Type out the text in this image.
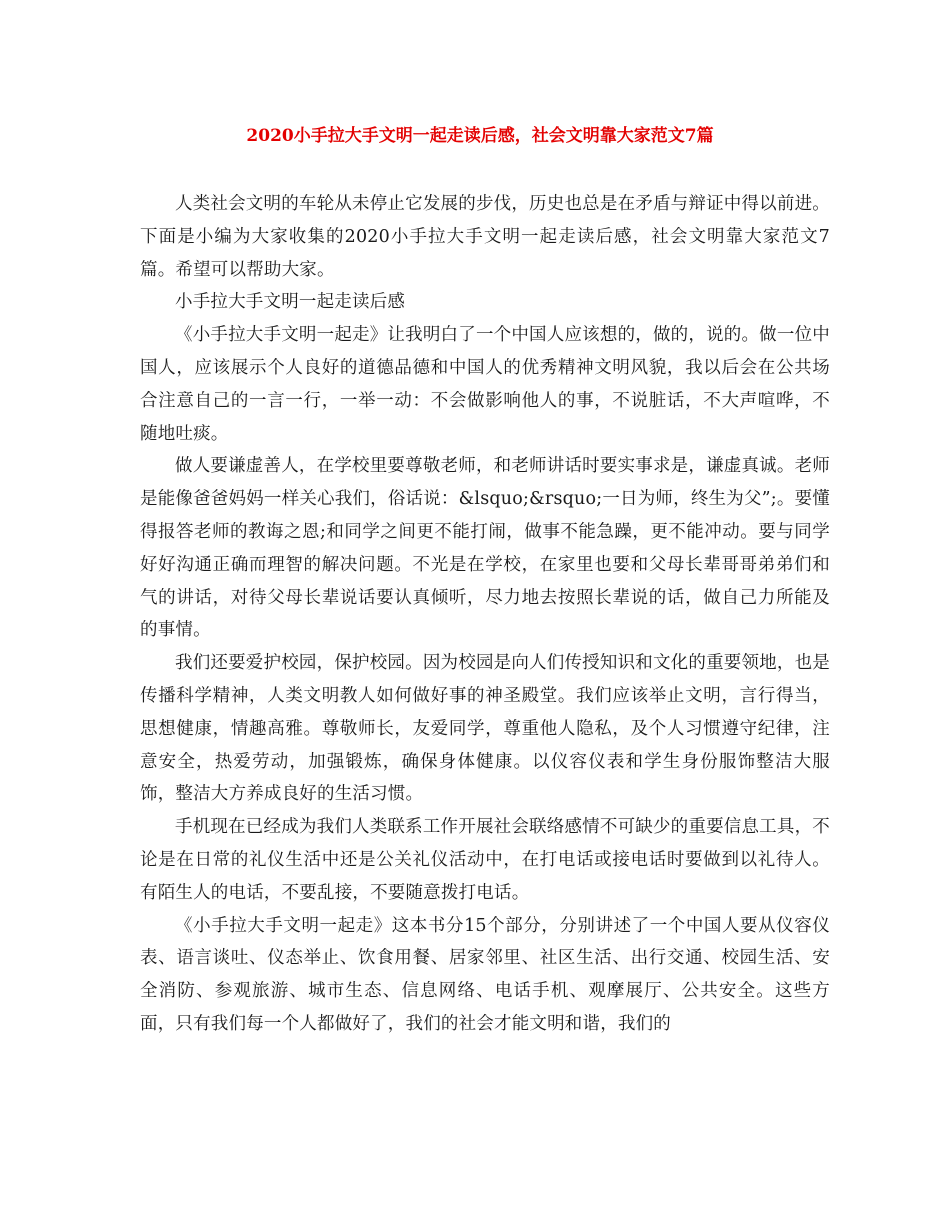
2020小手拉大手文明一起走读后感，社会文明靠大家范文7篇

人类社会文明的车轮从未停止它发展的步伐，历史也总是在矛盾与辩证中得以前进。下面是小编为大家收集的2020小手拉大手文明一起走读后感，社会文明靠大家范文7篇。希望可以帮助大家。

小手拉大手文明一起走读后感

《小手拉大手文明一起走》让我明白了一个中国人应该想的，做的，说的。做一位中国人，应该展示个人良好的道德品德和中国人的优秀精神文明风貌，我以后会在公共场合注意自己的一言一行，一举一动：不会做影响他人的事，不说脏话，不大声喧哗，不随地吐痰。

做人要谦虚善人，在学校里要尊敬老师，和老师讲话时要实事求是，谦虚真诚。老师是能像爸爸妈妈一样关心我们，俗话说：&lsquo;&rsquo;一日为师，终生为父”;。要懂得报答老师的教诲之恩;和同学之间更不能打闹，做事不能急躁，更不能冲动。要与同学好好沟通正确而理智的解决问题。不光是在学校，在家里也要和父母长辈哥哥弟弟们和气的讲话，对待父母长辈说话要认真倾听，尽力地去按照长辈说的话，做自己力所能及的事情。

我们还要爱护校园，保护校园。因为校园是向人们传授知识和文化的重要领地，也是传播科学精神，人类文明教人如何做好事的神圣殿堂。我们应该举止文明，言行得当，思想健康，情趣高雅。尊敬师长，友爱同学，尊重他人隐私，及个人习惯遵守纪律，注意安全，热爱劳动，加强锻炼，确保身体健康。以仪容仪表和学生身份服饰整洁大服饰，整洁大方养成良好的生活习惯。

手机现在已经成为我们人类联系工作开展社会联络感情不可缺少的重要信息工具，不论是在日常的礼仪生活中还是公关礼仪活动中，在打电话或接电话时要做到以礼待人。有陌生人的电话，不要乱接，不要随意拨打电话。

《小手拉大手文明一起走》这本书分15个部分，分别讲述了一个中国人要从仪容仪表、语言谈吐、仪态举止、饮食用餐、居家邻里、社区生活、出行交通、校园生活、安全消防、参观旅游、城市生态、信息网络、电话手机、观摩展厅、公共安全。这些方面，只有我们每一个人都做好了，我们的社会才能文明和谐，我们的
